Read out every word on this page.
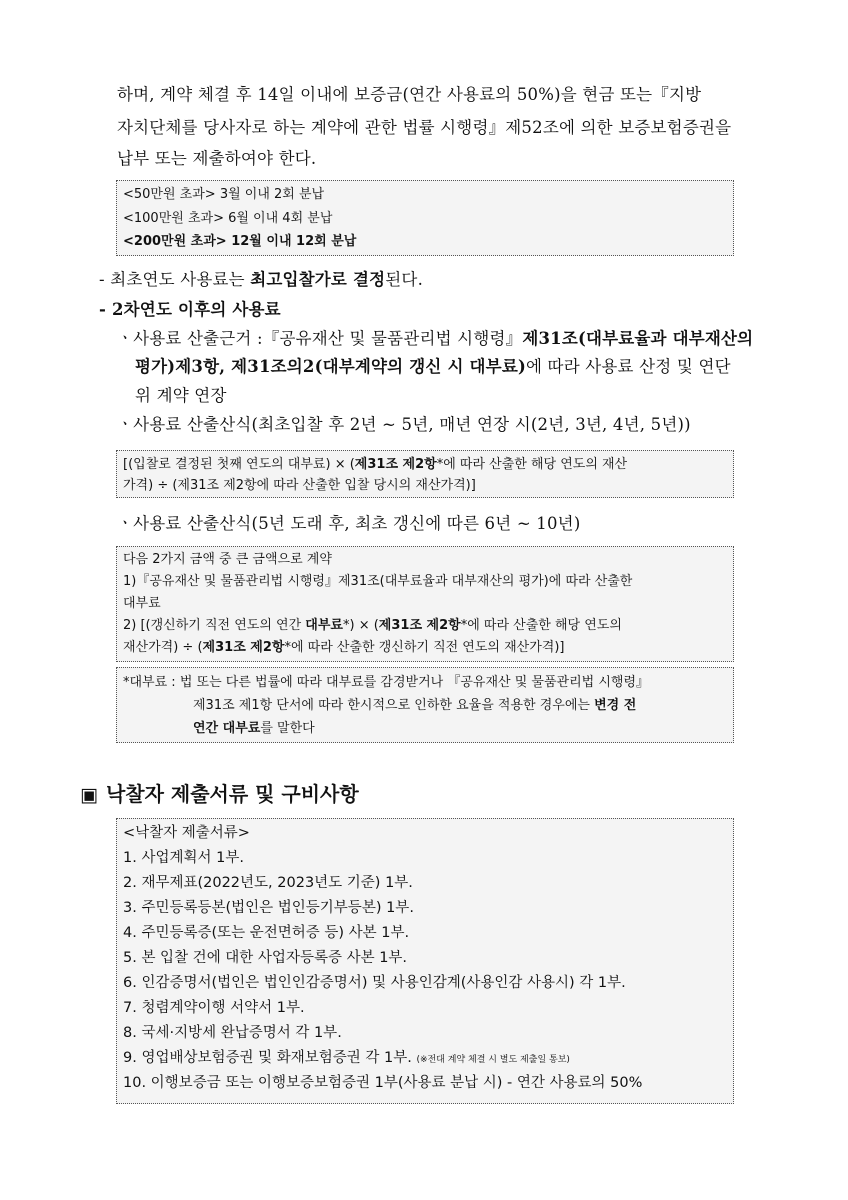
하며, 계약 체결 후 14일 이내에 보증금(연간 사용료의 50%)을 현금 또는『지방
자치단체를 당사자로 하는 계약에 관한 법률 시행령』제52조에 의한 보증보험증권을
납부 또는 제출하여야 한다.
<50만원 초과> 3월 이내 2회 분납
<100만원 초과> 6월 이내 4회 분납
<200만원 초과> 12월 이내 12회 분납
- 최초연도 사용료는 최고입찰가로 결정된다.
- 2차연도 이후의 사용료
ㆍ사용료 산출근거 :『공유재산 및 물품관리법 시행령』제31조(대부료율과 대부재산의
평가)제3항, 제31조의2(대부계약의 갱신 시 대부료)에 따라 사용료 산정 및 연단
위 계약 연장
ㆍ사용료 산출산식(최초입찰 후 2년 ~ 5년, 매년 연장 시(2년, 3년, 4년, 5년))
[(입찰로 결정된 첫째 연도의 대부료) × (제31조 제2항*에 따라 산출한 해당 연도의 재산
가격) ÷ (제31조 제2항에 따라 산출한 입찰 당시의 재산가격)]
ㆍ사용료 산출산식(5년 도래 후, 최초 갱신에 따른 6년 ~ 10년)
다음 2가지 금액 중 큰 금액으로 계약
1)『공유재산 및 물품관리법 시행령』제31조(대부료율과 대부재산의 평가)에 따라 산출한
대부료
2) [(갱신하기 직전 연도의 연간 대부료*) × (제31조 제2항*에 따라 산출한 해당 연도의
재산가격) ÷ (제31조 제2항*에 따라 산출한 갱신하기 직전 연도의 재산가격)]
*대부료 : 법 또는 다른 법률에 따라 대부료를 감경받거나 『공유재산 및 물품관리법 시행령』
제31조 제1항 단서에 따라 한시적으로 인하한 요율을 적용한 경우에는 변경 전
연간 대부료를 말한다
▣ 낙찰자 제출서류 및 구비사항
<낙찰자 제출서류>
1. 사업계획서 1부.
2. 재무제표(2022년도, 2023년도 기준) 1부.
3. 주민등록등본(법인은 법인등기부등본) 1부.
4. 주민등록증(또는 운전면허증 등) 사본 1부.
5. 본 입찰 건에 대한 사업자등록증 사본 1부.
6. 인감증명서(법인은 법인인감증명서) 및 사용인감계(사용인감 사용시) 각 1부.
7. 청렴계약이행 서약서 1부.
8. 국세·지방세 완납증명서 각 1부.
9. 영업배상보험증권 및 화재보험증권 각 1부. (※전대 계약 체결 시 별도 제출일 통보)
10. 이행보증금 또는 이행보증보험증권 1부(사용료 분납 시) - 연간 사용료의 50%
